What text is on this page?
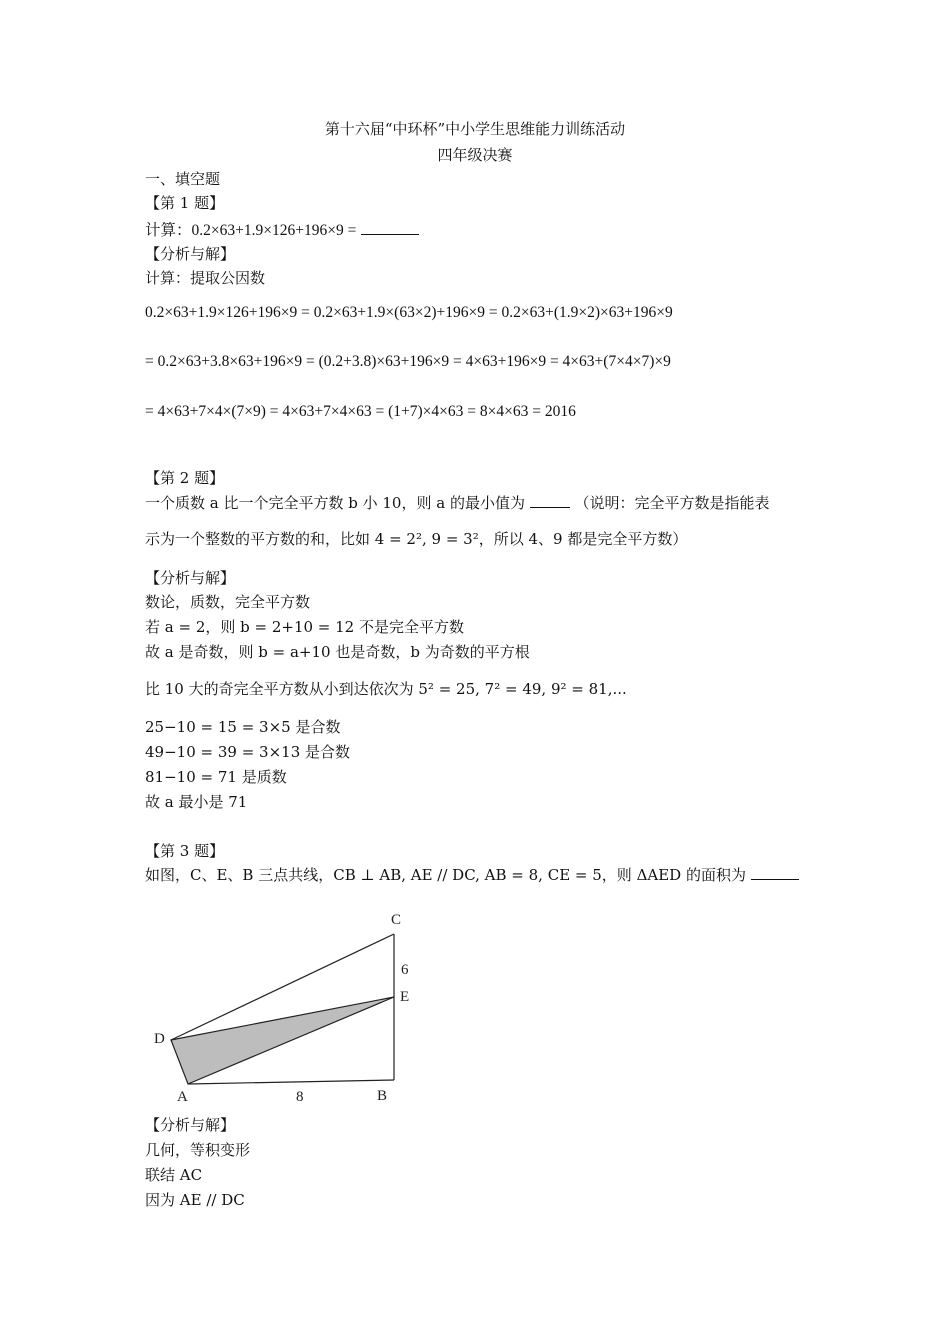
第十六届“中环杯”中小学生思维能力训练活动
四年级决赛
一、填空题
【第 1 题】
计算：0.2×63+1.9×126+196×9 =
【分析与解】
计算：提取公因数
0.2×63+1.9×126+196×9 = 0.2×63+1.9×(63×2)+196×9 = 0.2×63+(1.9×2)×63+196×9
= 0.2×63+3.8×63+196×9 = (0.2+3.8)×63+196×9 = 4×63+196×9 = 4×63+(7×4×7)×9
= 4×63+7×4×(7×9) = 4×63+7×4×63 = (1+7)×4×63 = 8×4×63 = 2016
【第 2 题】
一个质数 a 比一个完全平方数 b 小 10，则 a 的最小值为	（说明：完全平方数是指能表
示为一个整数的平方数的和，比如 4 = 2², 9 = 3²，所以 4、9 都是完全平方数）
【分析与解】
数论，质数，完全平方数
若 a = 2，则 b = 2+10 = 12 不是完全平方数
故 a 是奇数，则 b = a+10 也是奇数，b 为奇数的平方根
比 10 大的奇完全平方数从小到达依次为 5² = 25, 7² = 49, 9² = 81,...
25−10 = 15 = 3×5 是合数
49−10 = 39 = 3×13 是合数
81−10 = 71 是质数
故 a 最小是 71
【第 3 题】
如图，C、E、B 三点共线，CB ⊥ AB, AE // DC, AB = 8, CE = 5，则 ΔAED 的面积为
C
6
E
D
A	8	B
【分析与解】
几何，等积变形
联结 AC
因为 AE // DC
